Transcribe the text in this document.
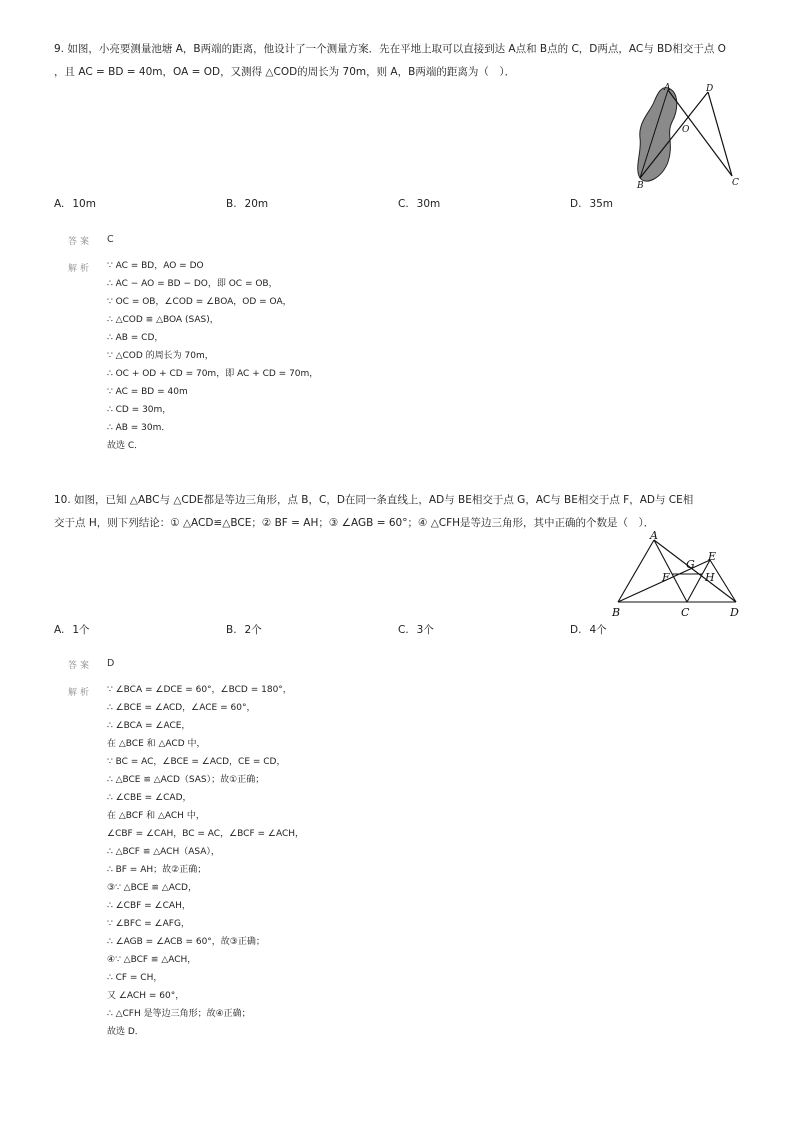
9. 如图，小亮要测量池塘 A，B两端的距离，他设计了一个测量方案．先在平地上取可以直接到达 A点和 B点的 C，D两点，AC与 BD相交于点 O
，且 AC = BD = 40m，OA = OD，又测得 △COD的周长为 70m，则 A，B两端的距离为（　）．
A	D
O
B	C
A. 10m	B. 20m	C. 30m	D. 35m
答案 C
解析 ∵ AC = BD，AO = DO
∴ AC − AO = BD − DO，即 OC = OB，
∵ OC = OB，∠COD = ∠BOA，OD = OA，
∴ △COD ≌ △BOA (SAS)，
∴ AB = CD，
∵ △COD 的周长为 70m，
∴ OC + OD + CD = 70m，即 AC + CD = 70m，
∵ AC = BD = 40m
∴ CD = 30m，
∴ AB = 30m．
故选 C．
10. 如图，已知 △ABC与 △CDE都是等边三角形，点 B，C，D在同一条直线上，AD与 BE相交于点 G，AC与 BE相交于点 F，AD与 CE相
交于点 H，则下列结论：① △ACD≌△BCE；② BF = AH；③ ∠AGB = 60°；④ △CFH是等边三角形，其中正确的个数是（　）．
A
E
G
H
F
B	C	D
A. 1个	B. 2个	C. 3个	D. 4个
答案 D
解析 ∵ ∠BCA = ∠DCE = 60°，∠BCD = 180°，
∴ ∠BCE = ∠ACD，∠ACE = 60°，
∴ ∠BCA = ∠ACE，
在 △BCE 和 △ACD 中，
∵ BC = AC，∠BCE = ∠ACD，CE = CD，
∴ △BCE ≌ △ACD（SAS）；故①正确；
∴ ∠CBE = ∠CAD，
在 △BCF 和 △ACH 中，
∠CBF = ∠CAH，BC = AC，∠BCF = ∠ACH，
∴ △BCF ≌ △ACH（ASA），
∴ BF = AH；故②正确；
③∵ △BCE ≌ △ACD，
∴ ∠CBF = ∠CAH，
∵ ∠BFC = ∠AFG，
∴ ∠AGB = ∠ACB = 60°，故③正确；
④∵ △BCF ≌ △ACH，
∴ CF = CH，
又 ∠ACH = 60°，
∴ △CFH 是等边三角形；故④正确；
故选 D．
